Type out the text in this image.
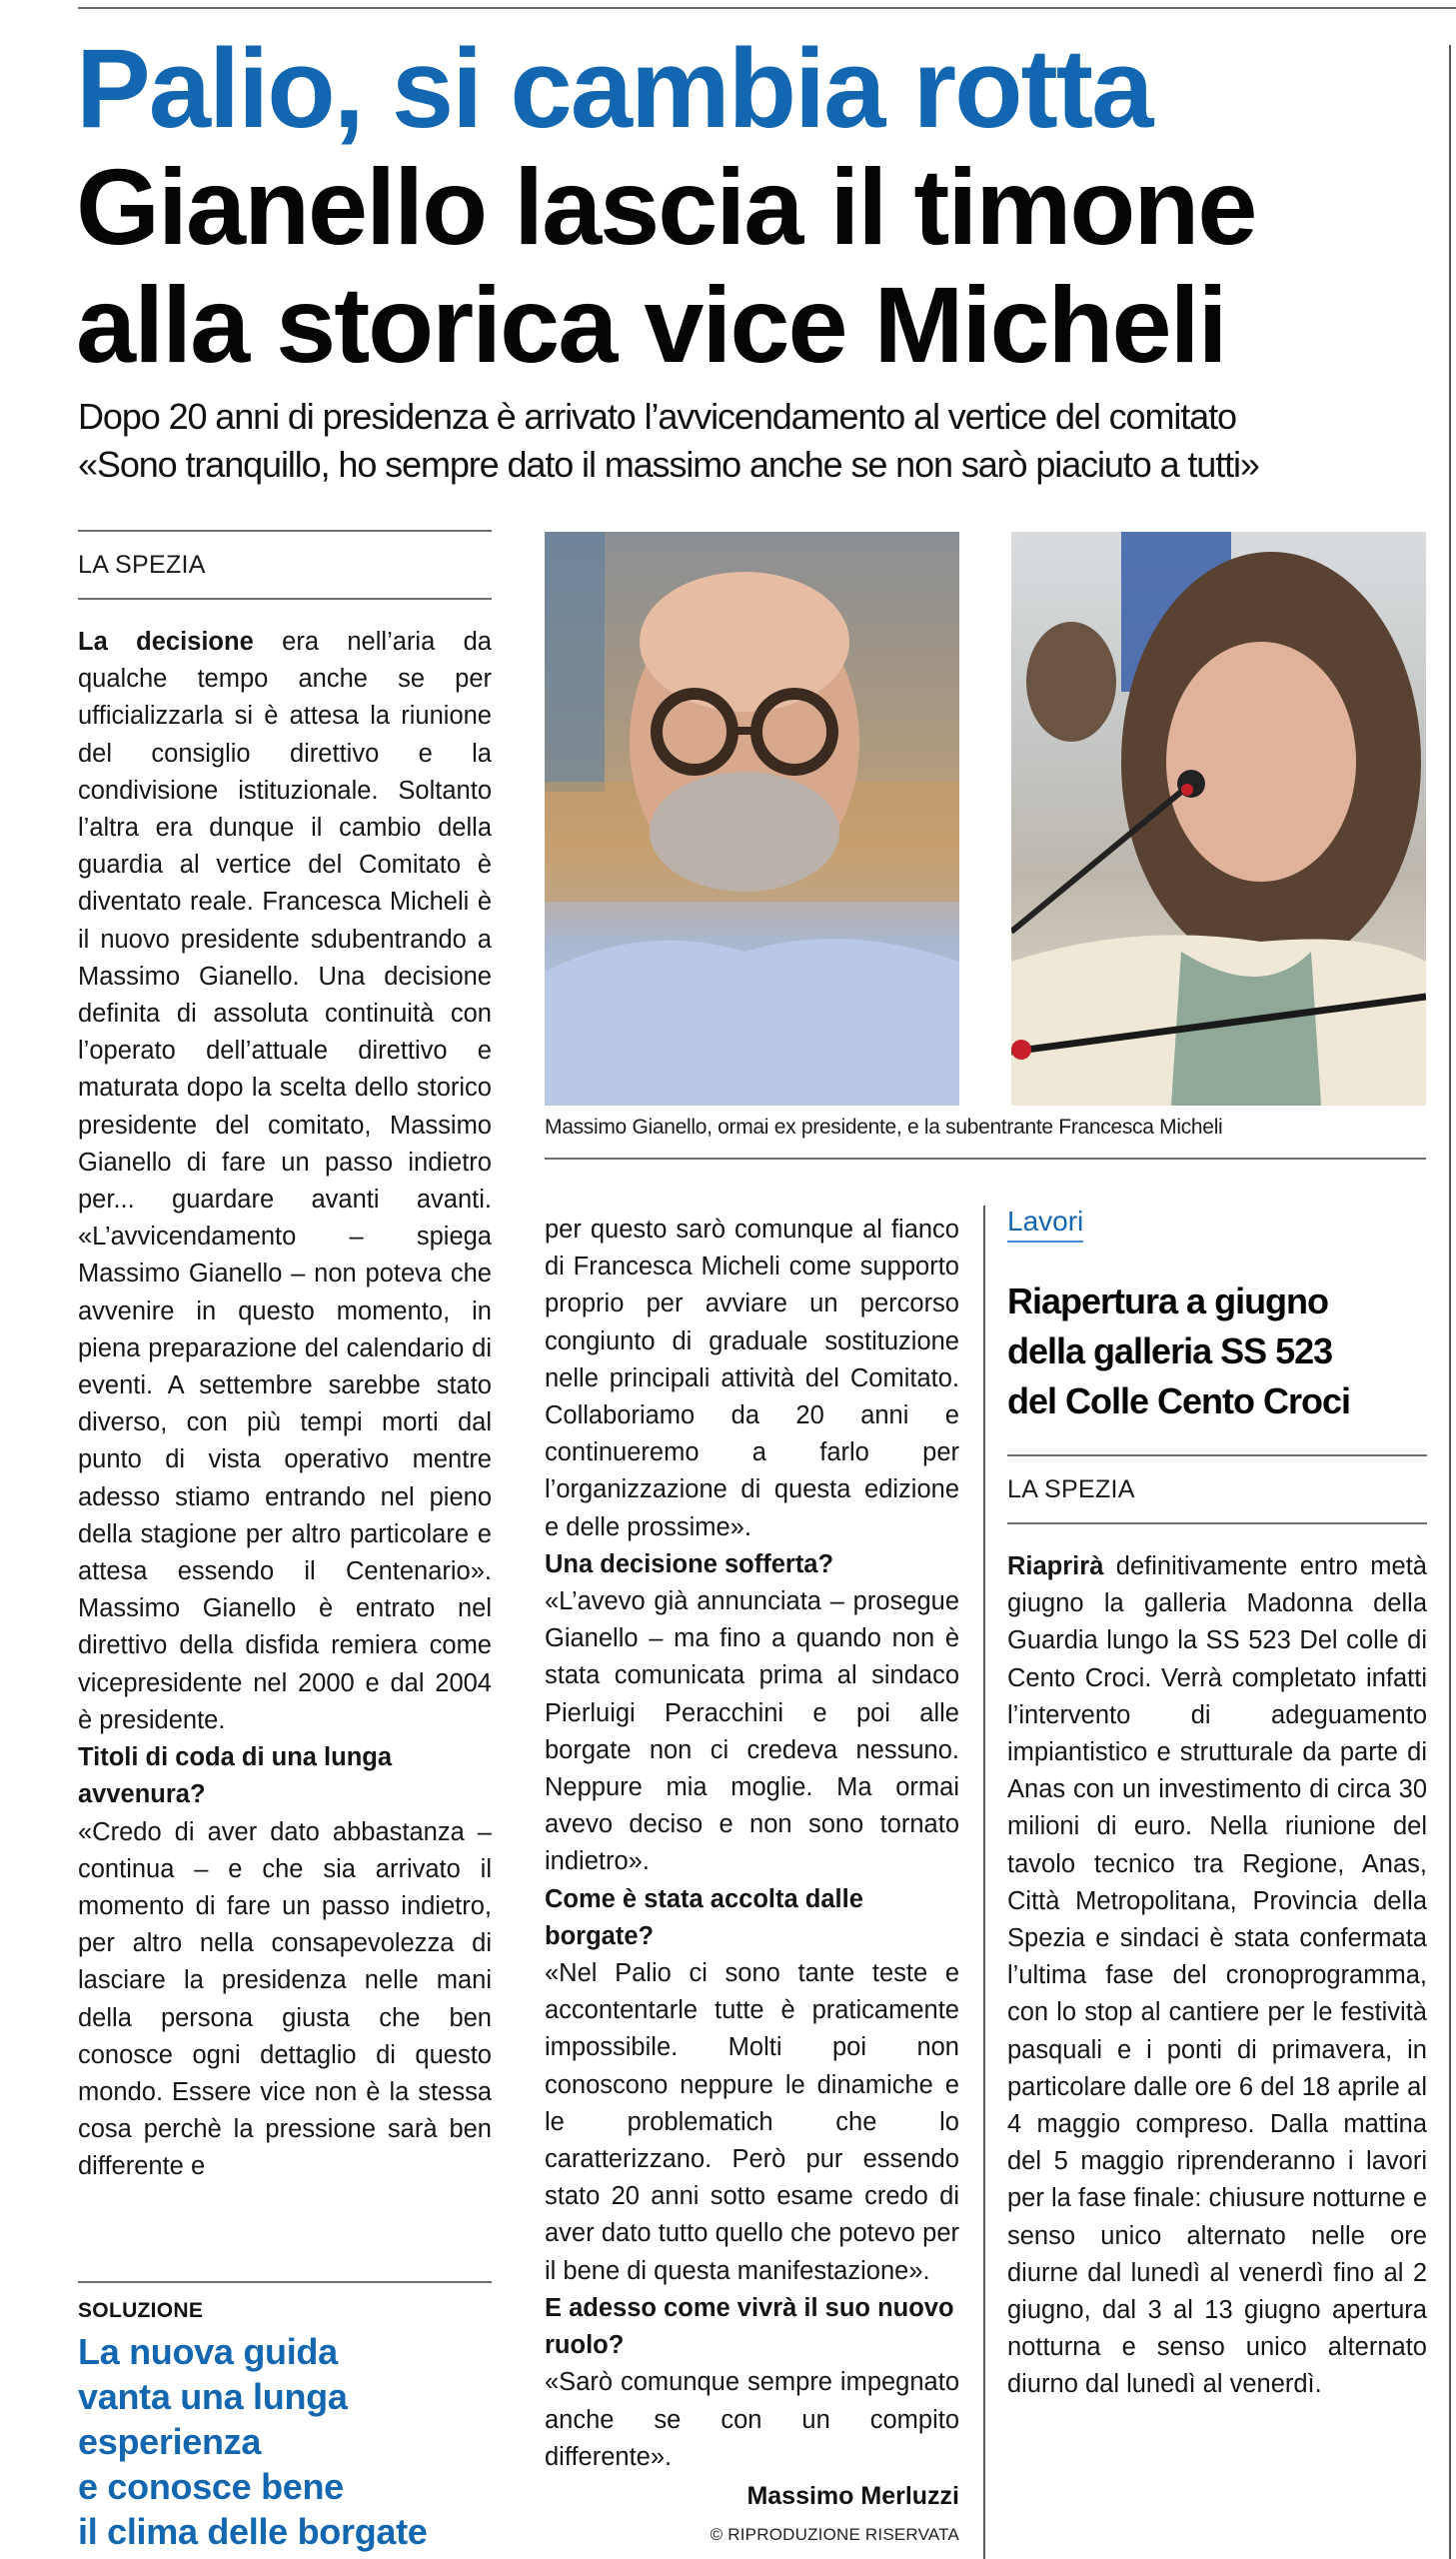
Palio, si cambia rotta
Gianello lascia il timone
alla storica vice Micheli
Dopo 20 anni di presidenza è arrivato l’avvicendamento al vertice del comitato
«Sono tranquillo, ho sempre dato il massimo anche se non sarò piaciuto a tutti»
LA SPEZIA

La decisione era nell’aria da qualche tempo anche se per ufficializzarla si è attesa la riunione del consiglio direttivo e la condivisione istituzionale. Soltanto l’altra era dunque il cambio della guardia al vertice del Comitato è diventato reale. Francesca Micheli è il nuovo presidente sdubentrando a Massimo Gianello. Una decisione definita di assoluta continuità con l’operato dell’attuale direttivo e maturata dopo la scelta dello storico presidente del comitato, Massimo Gianello di fare un passo indietro per... guardare avanti avanti. «L’avvicendamento – spiega Massimo Gianello – non poteva che avvenire in questo momento, in piena preparazione del calendario di eventi. A settembre sarebbe stato diverso, con più tempi morti dal punto di vista operativo mentre adesso stiamo entrando nel pieno della stagione per altro particolare e attesa essendo il Centenario». Massimo Gianello è entrato nel direttivo della disfida remiera come vicepresidente nel 2000 e dal 2004 è presidente.

Titoli di coda di una lunga avvenura?

«Credo di aver dato abbastanza – continua – e che sia arrivato il momento di fare un passo indietro, per altro nella consapevolezza di lasciare la presidenza nelle mani della persona giusta che ben conosce ogni dettaglio di questo mondo. Essere vice non è la stessa cosa perchè la pressione sarà ben differente e

SOLUZIONE
La nuova guida
vanta una lunga
esperienza
e conosce bene
il clima delle borgate
Massimo Gianello, ormai ex presidente, e la subentrante Francesca Micheli

per questo sarò comunque al fianco di Francesca Micheli come supporto proprio per avviare un percorso congiunto di graduale sostituzione nelle principali attività del Comitato. Collaboriamo da 20 anni e continueremo a farlo per l’organizzazione di questa edizione e delle prossime».

Una decisione sofferta?

«L’avevo già annunciata – prosegue Gianello – ma fino a quando non è stata comunicata prima al sindaco Pierluigi Peracchini e poi alle borgate non ci credeva nessuno. Neppure mia moglie. Ma ormai avevo deciso e non sono tornato indietro».

Come è stata accolta dalle borgate?

«Nel Palio ci sono tante teste e accontentarle tutte è praticamente impossibile. Molti poi non conoscono neppure le dinamiche e le problematich che lo caratterizzano. Però pur essendo stato 20 anni sotto esame credo di aver dato tutto quello che potevo per il bene di questa manifestazione».

E adesso come vivrà il suo nuovo ruolo?

«Sarò comunque sempre impegnato anche se con un compito differente».

Massimo Merluzzi
© RIPRODUZIONE RISERVATA
Lavori
Riapertura a giugno
della galleria SS 523
del Colle Cento Croci
LA SPEZIA

Riaprirà definitivamente entro metà giugno la galleria Madonna della Guardia lungo la SS 523 Del colle di Cento Croci. Verrà completato infatti l’intervento di adeguamento impiantistico e strutturale da parte di Anas con un investimento di circa 30 milioni di euro. Nella riunione del tavolo tecnico tra Regione, Anas, Città Metropolitana, Provincia della Spezia e sindaci è stata confermata l’ultima fase del cronoprogramma, con lo stop al cantiere per le festività pasquali e i ponti di primavera, in particolare dalle ore 6 del 18 aprile al 4 maggio compreso. Dalla mattina del 5 maggio riprenderanno i lavori per la fase finale: chiusure notturne e senso unico alternato nelle ore diurne dal lunedì al venerdì fino al 2 giugno, dal 3 al 13 giugno apertura notturna e senso unico alternato diurno dal lunedì al venerdì.
